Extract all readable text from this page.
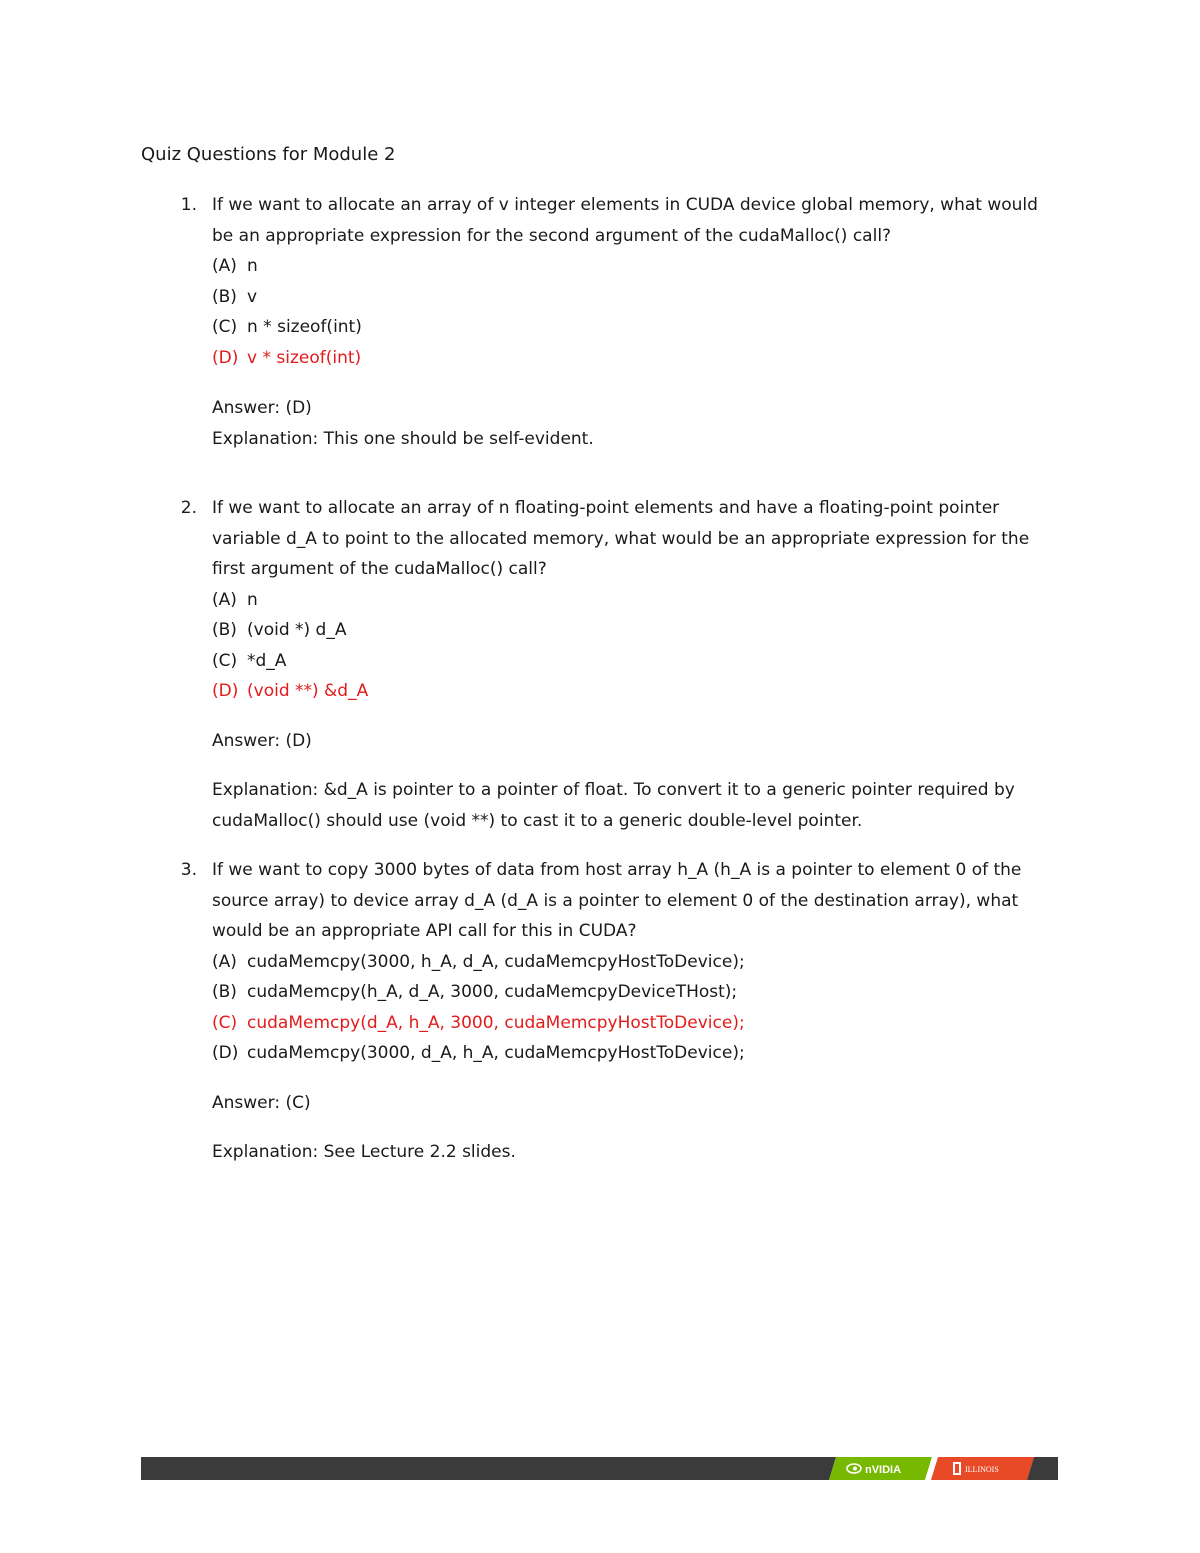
Quiz Questions for Module 2
1. If we want to allocate an array of v integer elements in CUDA device global memory, what would be an appropriate expression for the second argument of the cudaMalloc() call?
(A) n
(B) v
(C) n * sizeof(int)
(D) v * sizeof(int)
Answer: (D)
Explanation: This one should be self-evident.
2. If we want to allocate an array of n floating-point elements and have a floating-point pointer variable d_A to point to the allocated memory, what would be an appropriate expression for the first argument of the cudaMalloc() call?
(A) n
(B) (void *) d_A
(C) *d_A
(D) (void **) &d_A
Answer: (D)
Explanation: &d_A is pointer to a pointer of float. To convert it to a generic pointer required by cudaMalloc() should use (void **) to cast it to a generic double-level pointer.
3. If we want to copy 3000 bytes of data from host array h_A (h_A is a pointer to element 0 of the source array) to device array d_A (d_A is a pointer to element 0 of the destination array), what would be an appropriate API call for this in CUDA?
(A) cudaMemcpy(3000, h_A, d_A, cudaMemcpyHostToDevice);
(B) cudaMemcpy(h_A, d_A, 3000, cudaMemcpyDeviceTHost);
(C) cudaMemcpy(d_A, h_A, 3000, cudaMemcpyHostToDevice);
(D) cudaMemcpy(3000, d_A, h_A, cudaMemcpyHostToDevice);
Answer: (C)
Explanation: See Lecture 2.2 slides.
nVIDIA	ILLINOIS
